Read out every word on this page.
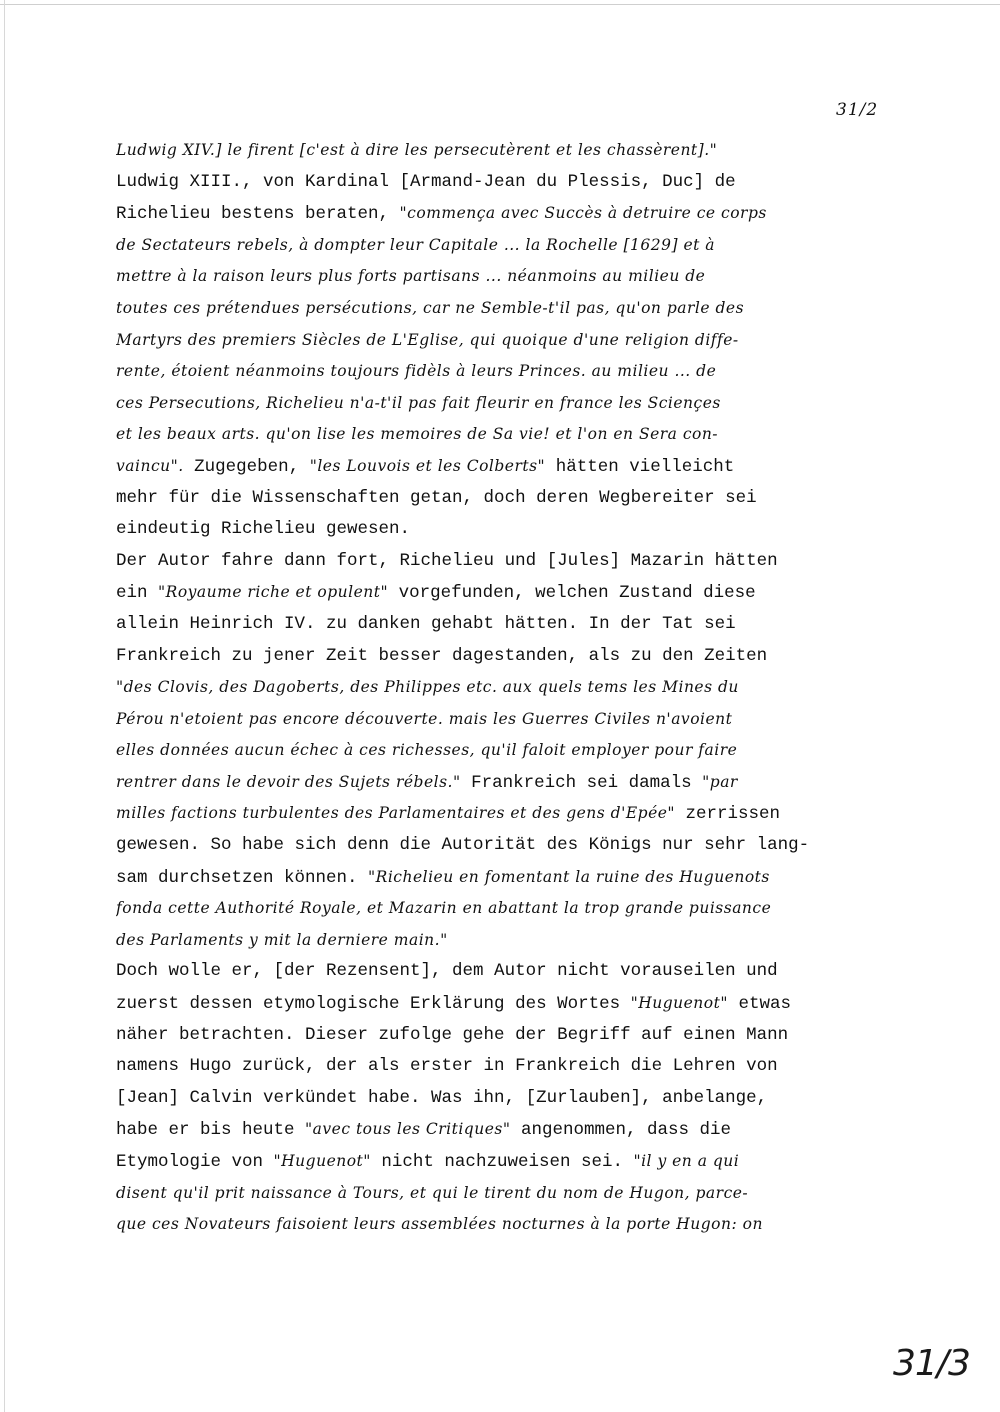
31/2
Ludwig XIV.] le firent [c'est à dire les persecutèrent et les chassèrent]."
Ludwig XIII., von Kardinal [Armand-Jean du Plessis, Duc] de
Richelieu bestens beraten, "commença avec Succès à detruire ce corps
de Sectateurs rebels, à dompter leur Capitale ... la Rochelle [1629] et à
mettre à la raison leurs plus forts partisans ... néanmoins au milieu de
toutes ces prétendues persécutions, car ne Semble-t'il pas, qu'on parle des
Martyrs des premiers Siècles de L'Eglise, qui quoique d'une religion diffe-
rente, étoient néanmoins toujours fidèls à leurs Princes. au milieu ... de
ces Persecutions, Richelieu n'a-t'il pas fait fleurir en france les Sciençes
et les beaux arts. qu'on lise les memoires de Sa vie! et l'on en Sera con-
vaincu". Zugegeben, "les Louvois et les Colberts" hätten vielleicht
mehr für die Wissenschaften getan, doch deren Wegbereiter sei
eindeutig Richelieu gewesen.
Der Autor fahre dann fort, Richelieu und [Jules] Mazarin hätten
ein "Royaume riche et opulent" vorgefunden, welchen Zustand diese
allein Heinrich IV. zu danken gehabt hätten. In der Tat sei
Frankreich zu jener Zeit besser dagestanden, als zu den Zeiten
"des Clovis, des Dagoberts, des Philippes etc. aux quels tems les Mines du
Pérou n'etoient pas encore découverte. mais les Guerres Civiles n'avoient
elles données aucun échec à ces richesses, qu'il faloit employer pour faire
rentrer dans le devoir des Sujets rébels." Frankreich sei damals "par
milles factions turbulentes des Parlamentaires et des gens d'Epée" zerrissen
gewesen. So habe sich denn die Autorität des Königs nur sehr lang-
sam durchsetzen können. "Richelieu en fomentant la ruine des Huguenots
fonda cette Authorité Royale, et Mazarin en abattant la trop grande puissance
des Parlaments y mit la derniere main."
Doch wolle er, [der Rezensent], dem Autor nicht vorauseilen und
zuerst dessen etymologische Erklärung des Wortes "Huguenot" etwas
näher betrachten. Dieser zufolge gehe der Begriff auf einen Mann
namens Hugo zurück, der als erster in Frankreich die Lehren von
[Jean] Calvin verkündet habe. Was ihn, [Zurlauben], anbelange,
habe er bis heute "avec tous les Critiques" angenommen, dass die
Etymologie von "Huguenot" nicht nachzuweisen sei. "il y en a qui
disent qu'il prit naissance à Tours, et qui le tirent du nom de Hugon, parce-
que ces Novateurs faisoient leurs assemblées nocturnes à la porte Hugon: on
31/3
